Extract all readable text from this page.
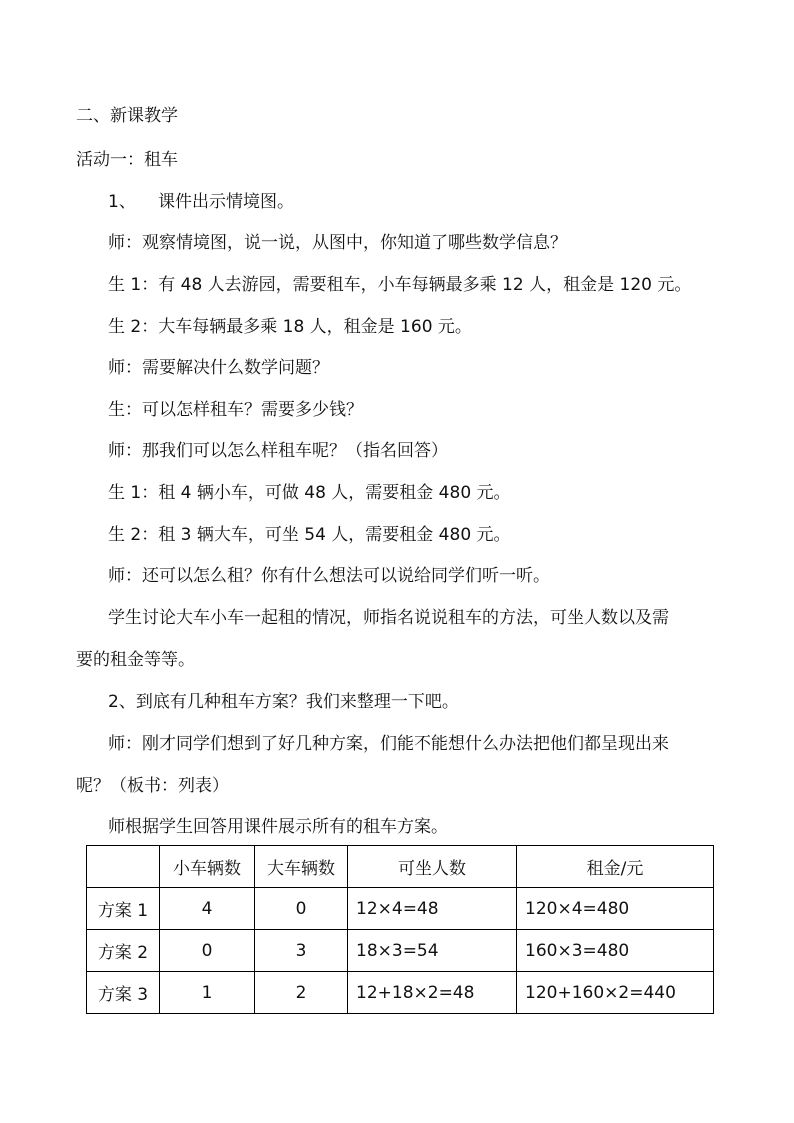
二、新课教学

活动一：租车

1、 课件出示情境图。

师：观察情境图，说一说，从图中，你知道了哪些数学信息？

生 1：有 48 人去游园，需要租车，小车每辆最多乘 12 人，租金是 120 元。

生 2：大车每辆最多乘 18 人，租金是 160 元。

师：需要解决什么数学问题？

生：可以怎样租车？需要多少钱？

师：那我们可以怎么样租车呢？（指名回答）

生 1：租 4 辆小车，可做 48 人，需要租金 480 元。

生 2：租 3 辆大车，可坐 54 人，需要租金 480 元。

师：还可以怎么租？你有什么想法可以说给同学们听一听。

学生讨论大车小车一起租的情况，师指名说说租车的方法，可坐人数以及需

要的租金等等。

2、到底有几种租车方案？我们来整理一下吧。

师：刚才同学们想到了好几种方案，们能不能想什么办法把他们都呈现出来

呢？（板书：列表）

师根据学生回答用课件展示所有的租车方案。

	小车辆数	大车辆数	可坐人数	租金/元
方案 1	4	0	12×4=48	120×4=480
方案 2	0	3	18×3=54	160×3=480
方案 3	1	2	12+18×2=48	120+160×2=440
